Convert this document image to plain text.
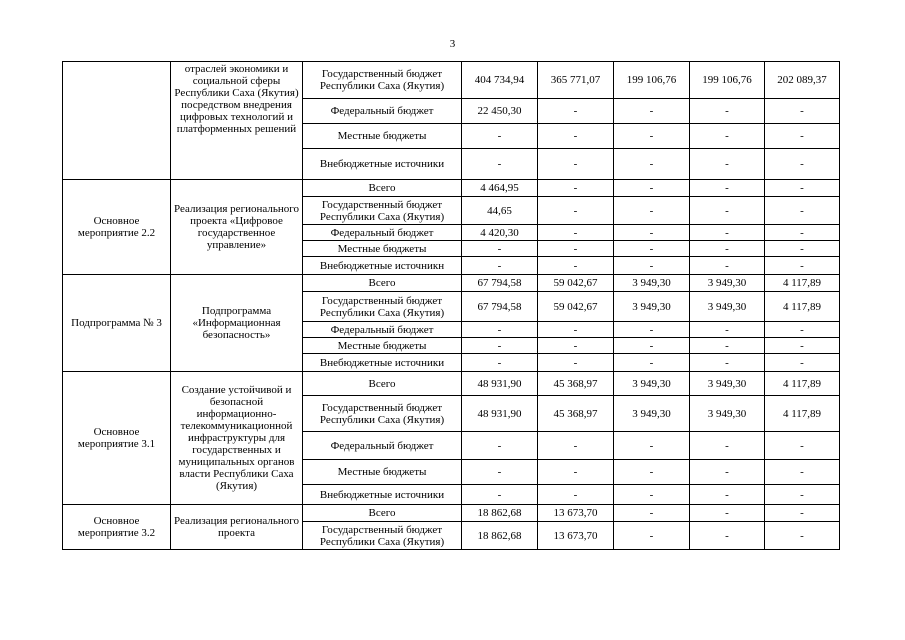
3
	отраслей экономики и социальной сферы Республики Саха (Якутия) посредством внедрения цифровых технологий и платформенных решений	Государственный бюджет Республики Саха (Якутия)	404 734,94	365 771,07	199 106,76	199 106,76	202 089,37
		Федеральный бюджет	22 450,30	-	-	-	-
		Местные бюджеты	-	-	-	-	-
		Внебюджетные источники	-	-	-	-	-
Основное мероприятие 2.2	Реализация регионального проекта «Цифровое государственное управление»	Всего	4 464,95	-	-	-	-
		Государственный бюджет Республики Саха (Якутия)	44,65	-	-	-	-
		Федеральный бюджет	4 420,30	-	-	-	-
		Местные бюджеты	-	-	-	-	-
		Внебюджетные источникн	-	-	-	-	-
Подпрограмма № 3	Подпрограмма «Информационная безопасность»	Всего	67 794,58	59 042,67	3 949,30	3 949,30	4 117,89
		Государственный бюджет Республики Саха (Якутия)	67 794,58	59 042,67	3 949,30	3 949,30	4 117,89
		Федеральный бюджет	-	-	-	-	-
		Местные бюджеты	-	-	-	-	-
		Внебюджетные источники	-	-	-	-	-
Основное мероприятие 3.1	Создание устойчивой и безопасной информационно-телекоммуникационной инфраструктуры для государственных и муниципальных органов власти Республики Саха (Якутия)	Всего	48 931,90	45 368,97	3 949,30	3 949,30	4 117,89
		Государственный бюджет Республики Саха (Якутия)	48 931,90	45 368,97	3 949,30	3 949,30	4 117,89
		Федеральный бюджет	-	-	-	-	-
		Местные бюджеты	-	-	-	-	-
		Внебюджетные источники	-	-	-	-	-
Основное мероприятие 3.2	Реализация регионального проекта	Всего	18 862,68	13 673,70	-	-	-
		Государственный бюджет Республики Саха (Якутия)	18 862,68	13 673,70	-	-	-
